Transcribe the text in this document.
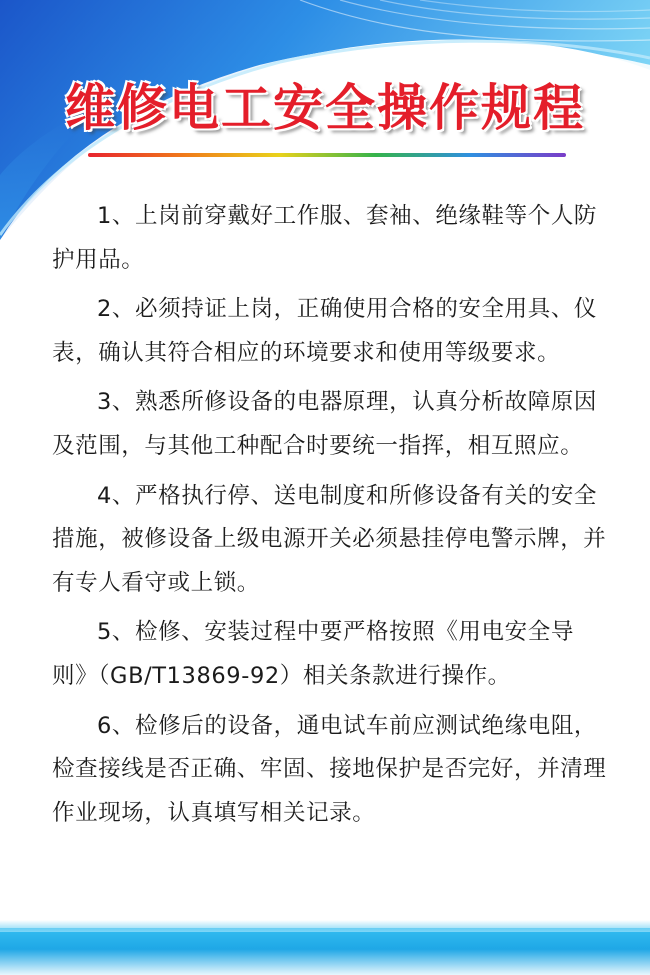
维修电工安全操作规程
1、上岗前穿戴好工作服、套袖、绝缘鞋等个人防护用品。
2、必须持证上岗，正确使用合格的安全用具、仪表，确认其符合相应的环境要求和使用等级要求。
3、熟悉所修设备的电器原理，认真分析故障原因及范围，与其他工种配合时要统一指挥，相互照应。
4、严格执行停、送电制度和所修设备有关的安全措施，被修设备上级电源开关必须悬挂停电警示牌，并有专人看守或上锁。
5、检修、安装过程中要严格按照《用电安全导则》（GB/T13869-92）相关条款进行操作。
6、检修后的设备，通电试车前应测试绝缘电阻，检查接线是否正确、牢固、接地保护是否完好，并清理作业现场，认真填写相关记录。
